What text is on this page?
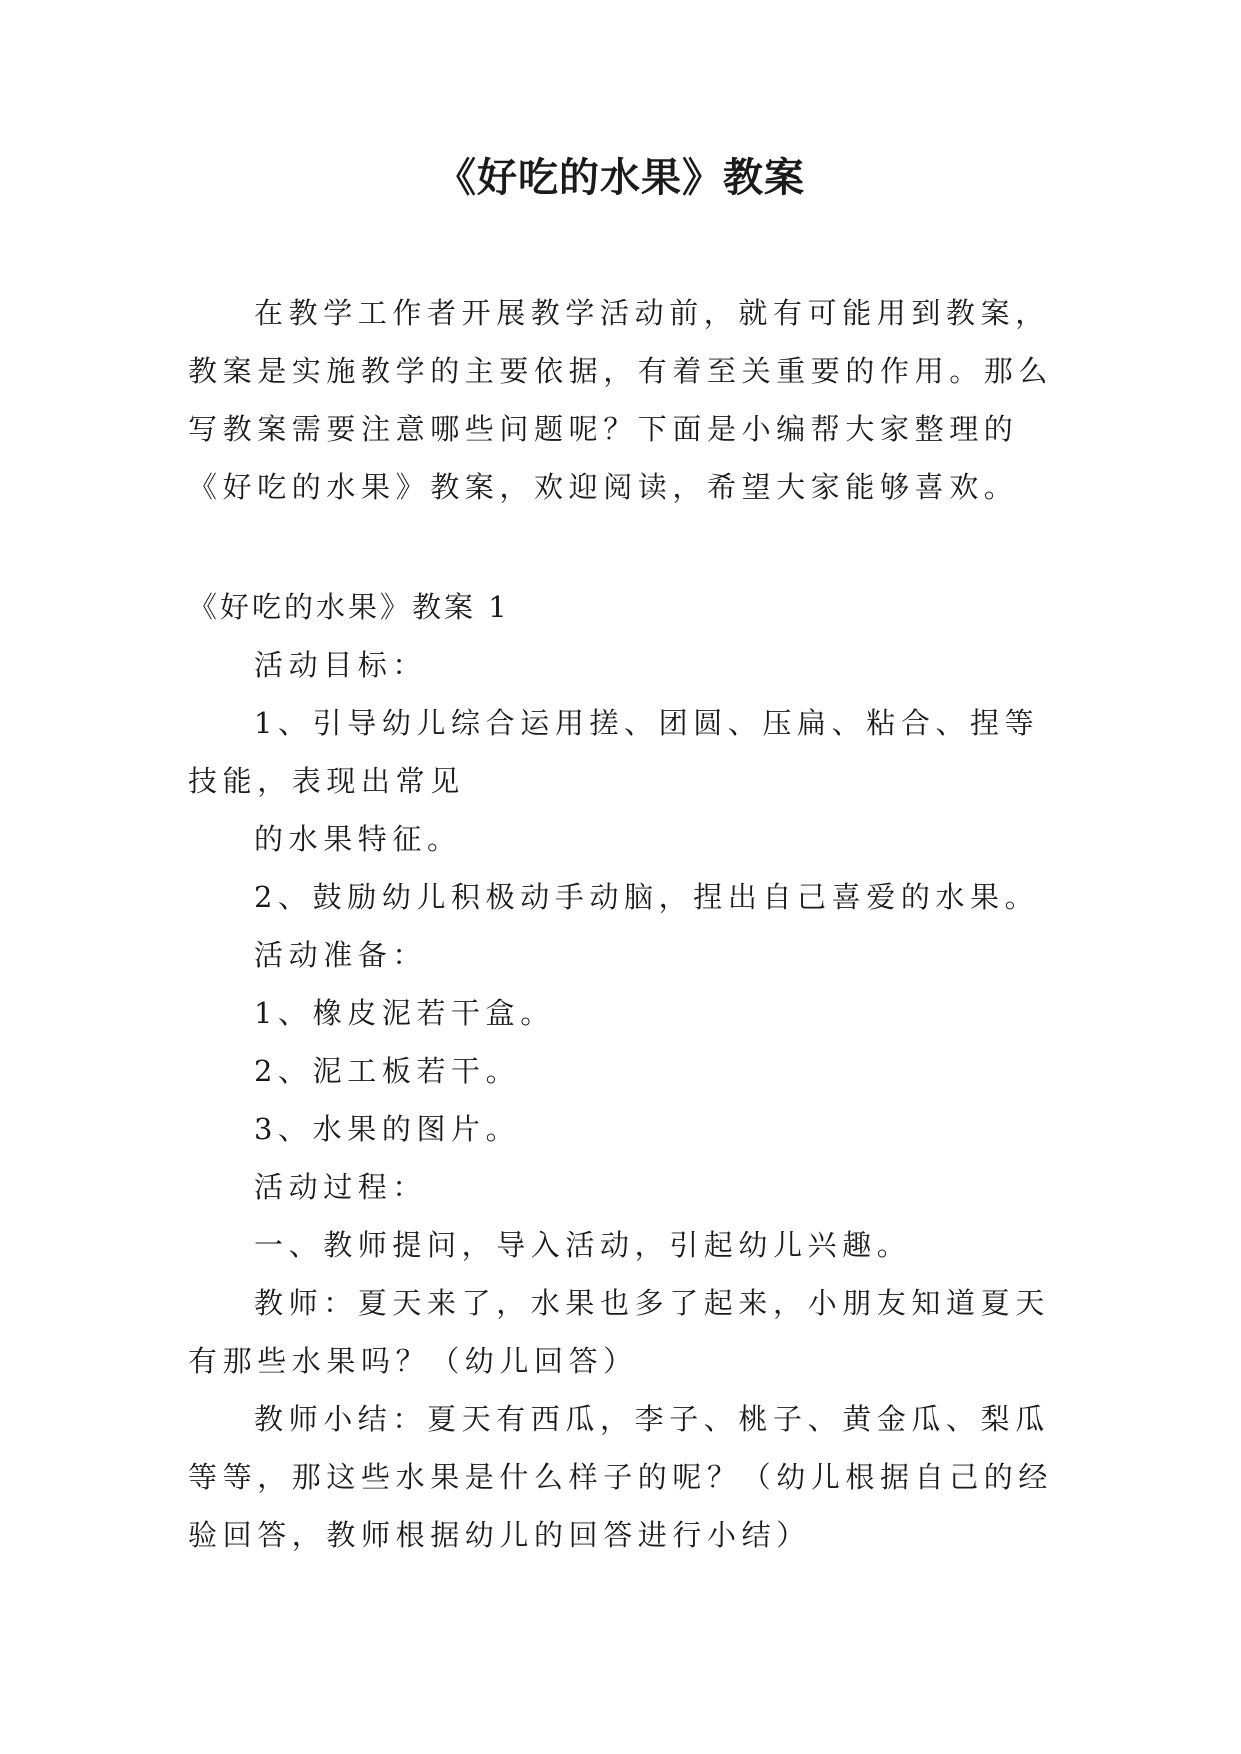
《好吃的水果》教案

在教学工作者开展教学活动前，就有可能用到教案，教案是实施教学的主要依据，有着至关重要的作用。那么写教案需要注意哪些问题呢？下面是小编帮大家整理的《好吃的水果》教案，欢迎阅读，希望大家能够喜欢。

《好吃的水果》教案 1

活动目标：

1、引导幼儿综合运用搓、团圆、压扁、粘合、捏等技能，表现出常见

的水果特征。

2、鼓励幼儿积极动手动脑，捏出自己喜爱的水果。

活动准备：

1、橡皮泥若干盒。

2、泥工板若干。

3、水果的图片。

活动过程：

一、教师提问，导入活动，引起幼儿兴趣。

教师：夏天来了，水果也多了起来，小朋友知道夏天有那些水果吗？（幼儿回答）

教师小结：夏天有西瓜，李子、桃子、黄金瓜、梨瓜等等，那这些水果是什么样子的呢？（幼儿根据自己的经验回答，教师根据幼儿的回答进行小结）
